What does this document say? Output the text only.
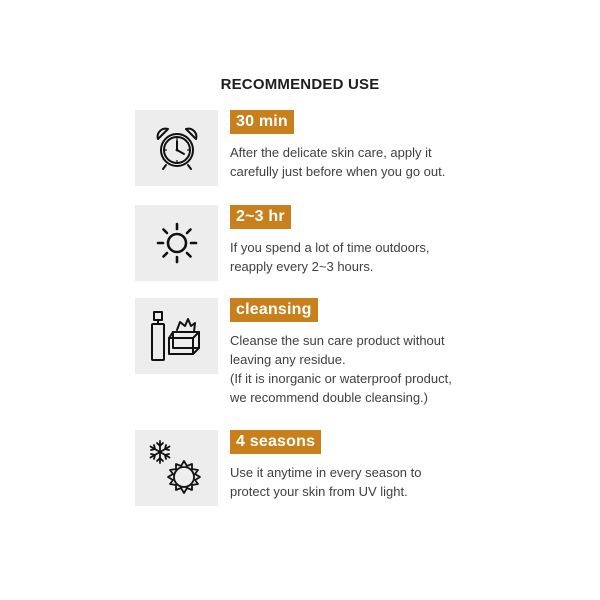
RECOMMENDED USE
30 min
After the delicate skin care, apply it
carefully just before when you go out.
2~3 hr
If you spend a lot of time outdoors,
reapply every 2~3 hours.
cleansing
Cleanse the sun care product without
leaving any residue.
(If it is inorganic or waterproof product,
we recommend double cleansing.)
4 seasons
Use it anytime in every season to
protect your skin from UV light.
